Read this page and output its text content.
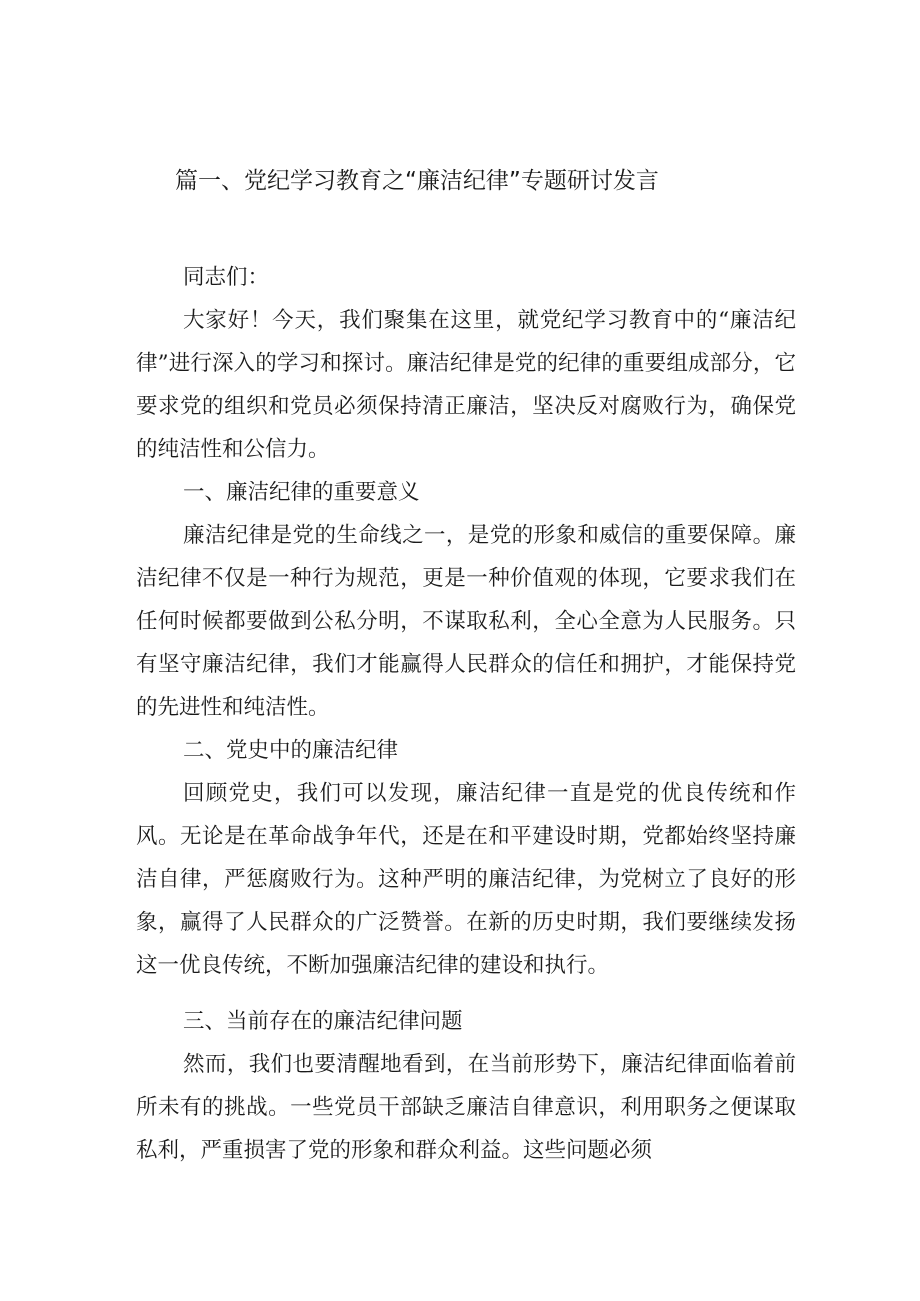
篇一、党纪学习教育之“廉洁纪律”专题研讨发言

同志们：

大家好！今天，我们聚集在这里，就党纪学习教育中的“廉洁纪律”进行深入的学习和探讨。廉洁纪律是党的纪律的重要组成部分，它要求党的组织和党员必须保持清正廉洁，坚决反对腐败行为，确保党的纯洁性和公信力。

一、廉洁纪律的重要意义

廉洁纪律是党的生命线之一，是党的形象和威信的重要保障。廉洁纪律不仅是一种行为规范，更是一种价值观的体现，它要求我们在任何时候都要做到公私分明，不谋取私利，全心全意为人民服务。只有坚守廉洁纪律，我们才能赢得人民群众的信任和拥护，才能保持党的先进性和纯洁性。

二、党史中的廉洁纪律

回顾党史，我们可以发现，廉洁纪律一直是党的优良传统和作风。无论是在革命战争年代，还是在和平建设时期，党都始终坚持廉洁自律，严惩腐败行为。这种严明的廉洁纪律，为党树立了良好的形象，赢得了人民群众的广泛赞誉。在新的历史时期，我们要继续发扬这一优良传统，不断加强廉洁纪律的建设和执行。

三、当前存在的廉洁纪律问题

然而，我们也要清醒地看到，在当前形势下，廉洁纪律面临着前所未有的挑战。一些党员干部缺乏廉洁自律意识，利用职务之便谋取私利，严重损害了党的形象和群众利益。这些问题必须
